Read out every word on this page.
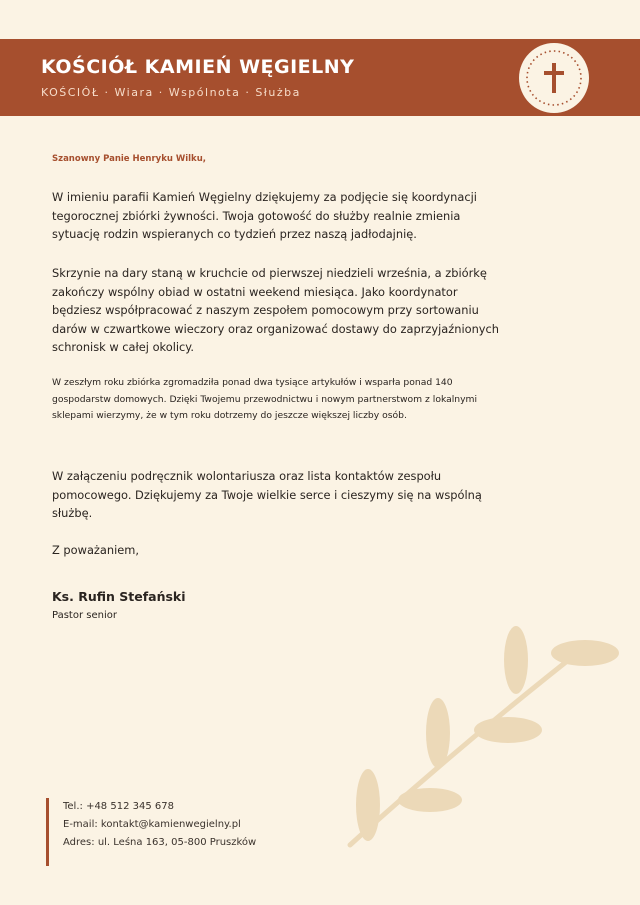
KOŚCIÓŁ KAMIEŃ WĘGIELNY
KOŚCIÓŁ · Wiara · Wspólnota · Służba
Szanowny Panie Henryku Wilku,

W imieniu parafii Kamień Węgielny dziękujemy za podjęcie się koordynacji tegorocznej zbiórki żywności. Twoja gotowość do służby realnie zmienia sytuację rodzin wspieranych co tydzień przez naszą jadłodajnię.

Skrzynie na dary staną w kruchcie od pierwszej niedzieli września, a zbiórkę zakończy wspólny obiad w ostatni weekend miesiąca. Jako koordynator będziesz współpracować z naszym zespołem pomocowym przy sortowaniu darów w czwartkowe wieczory oraz organizować dostawy do zaprzyjaźnionych schronisk w całej okolicy.

W zeszłym roku zbiórka zgromadziła ponad dwa tysiące artykułów i wsparła ponad 140 gospodarstw domowych. Dzięki Twojemu przewodnictwu i nowym partnerstwom z lokalnymi sklepami wierzymy, że w tym roku dotrzemy do jeszcze większej liczby osób.

W załączeniu podręcznik wolontariusza oraz lista kontaktów zespołu pomocowego. Dziękujemy za Twoje wielkie serce i cieszymy się na wspólną służbę.

Z poważaniem,
Ks. Rufin Stefański
Pastor senior
Tel.: +48 512 345 678
E-mail: kontakt@kamienwegielny.pl
Adres: ul. Leśna 163, 05-800 Pruszków
